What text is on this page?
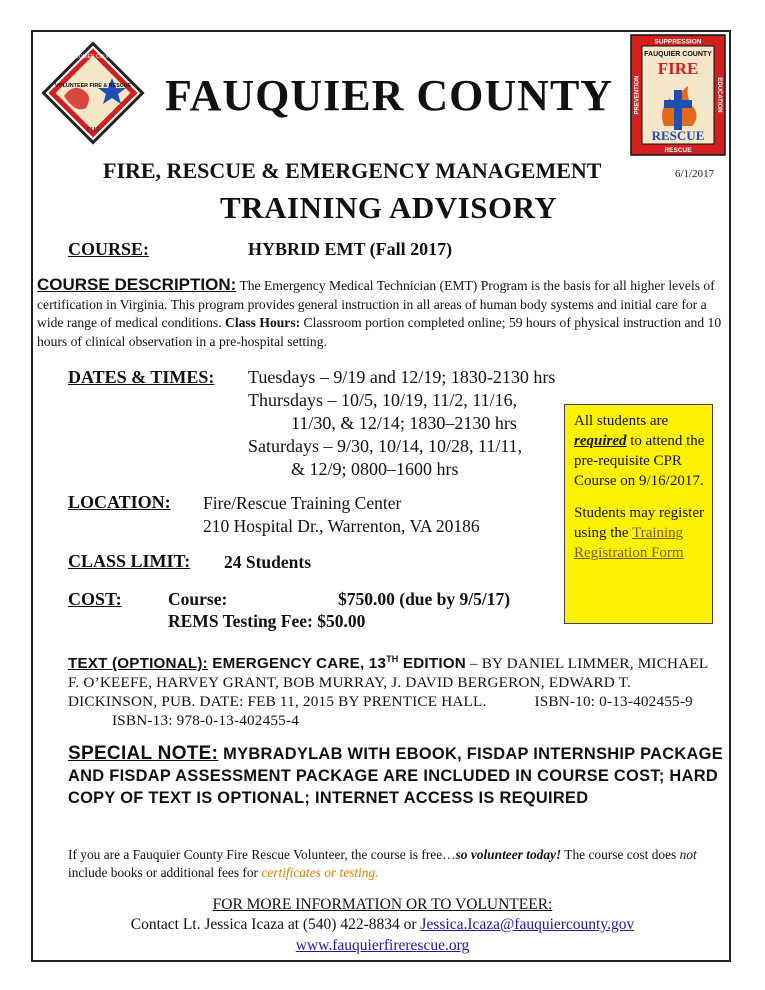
FAUQUIER COUNTY
VOLUNTEER FIRE & RESCUE
FHS
SUPPRESSION
RESCUE
PREVENTION	EDUCATION
FAUQUIER COUNTY
FIRE
RESCUE
FAUQUIER COUNTY
FIRE, RESCUE & EMERGENCY MANAGEMENT	6/1/2017
TRAINING ADVISORY
COURSE:	HYBRID EMT (Fall 2017)
COURSE DESCRIPTION: The Emergency Medical Technician (EMT) Program is the basis for all higher levels of certification in Virginia. This program provides general instruction in all areas of human body systems and initial care for a wide range of medical conditions. Class Hours: Classroom portion completed online; 59 hours of physical instruction and 10 hours of clinical observation in a pre-hospital setting.
DATES & TIMES: Tuesdays – 9/19 and 12/19; 1830-2130 hrs
Thursdays – 10/5, 10/19, 11/2, 11/16,
11/30, & 12/14; 1830–2130 hrs
Saturdays – 9/30, 10/14, 10/28, 11/11,
& 12/9; 0800–1600 hrs

All students are required to attend the pre-requisite CPR Course on 9/16/2017.

Students may register using the Training Registration Form

LOCATION: Fire/Rescue Training Center
210 Hospital Dr., Warrenton, VA 20186
CLASS LIMIT: 24 Students
COST:	Course:	$750.00 (due by 9/5/17)
REMS Testing Fee: $50.00
TEXT (OPTIONAL): EMERGENCY CARE, 13TH EDITION – BY DANIEL LIMMER, MICHAEL F. O’KEEFE, HARVEY GRANT, BOB MURRAY, J. DAVID BERGERON, EDWARD T. DICKINSON, PUB. DATE: FEB 11, 2015 BY PRENTICE HALL.	ISBN-10: 0-13-402455-9ISBN-13: 978-0-13-402455-4
SPECIAL NOTE: MYBRADYLAB WITH EBOOK, FISDAP INTERNSHIP PACKAGE AND FISDAP ASSESSMENT PACKAGE ARE INCLUDED IN COURSE COST; HARD COPY OF TEXT IS OPTIONAL; INTERNET ACCESS IS REQUIRED
If you are a Fauquier County Fire Rescue Volunteer, the course is free…so volunteer today! The course cost does not include books or additional fees for certificates or testing.
FOR MORE INFORMATION OR TO VOLUNTEER:
Contact Lt. Jessica Icaza at (540) 422-8834 or Jessica.Icaza@fauquiercounty.gov
www.fauquierfirerescue.org
